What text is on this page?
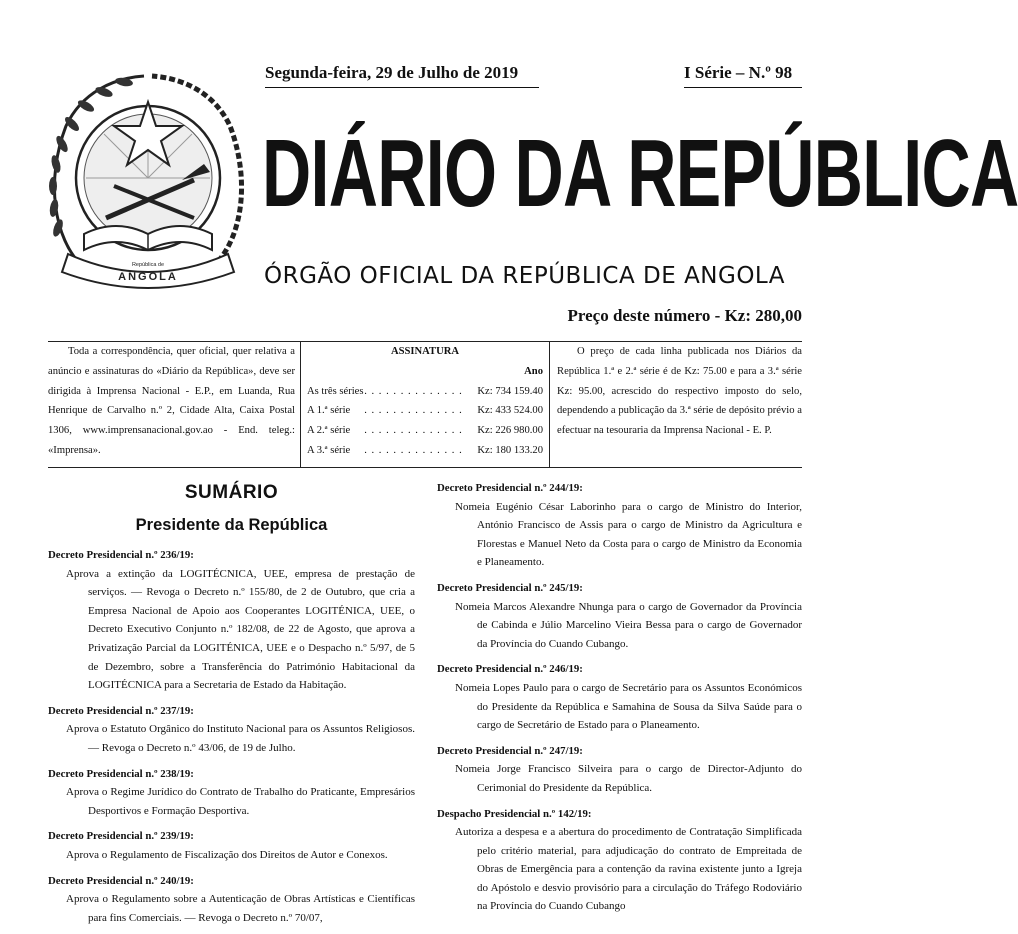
República de
ANGOLA
Segunda-feira, 29 de Julho de 2019	I Série – N.º 98
DIÁRIO DA REPÚBLICA
ÓRGÃO OFICIAL DA REPÚBLICA DE ANGOLA
Preço deste número - Kz: 280,00
Toda a correspondência, quer oficial, quer relativa a anúncio e assinaturas do «Diário da República», deve ser dirigida à Imprensa Nacional - E.P., em Luanda, Rua Henrique de Carvalho n.º 2, Cidade Alta, Caixa Postal 1306, www.imprensanacional.gov.ao - End. teleg.: «Imprensa».
ASSINATURA
Ano
As três séries . . . . . . . . . . . . . .	Kz: 734 159.40
A 1.ª série	. . . . . . . . . . . . . .	Kz: 433 524.00
A 2.ª série	. . . . . . . . . . . . . .	Kz: 226 980.00
A 3.ª série	. . . . . . . . . . . . . .	Kz: 180 133.20
O preço de cada linha publicada nos Diários da República 1.ª e 2.ª série é de Kz: 75.00 e para a 3.ª série Kz: 95.00, acrescido do respectivo imposto do selo, dependendo a publicação da 3.ª série de depósito prévio a efectuar na tesouraria da Imprensa Nacional - E. P.
SUMÁRIO
Presidente da República
Decreto Presidencial n.º 236/19:
Aprova a extinção da LOGITÉCNICA, UEE, empresa de prestação de serviços. — Revoga o Decreto n.º 155/80, de 2 de Outubro, que cria a Empresa Nacional de Apoio aos Cooperantes LOGITÉNICA, UEE, o Decreto Executivo Conjunto n.º 182/08, de 22 de Agosto, que aprova a Privatização Parcial da LOGITÉNICA, UEE e o Despacho n.º 5/97, de 5 de Dezembro, sobre a Transferência do Património Habitacional da LOGITÉCNICA para a Secretaria de Estado da Habitação.
Decreto Presidencial n.º 237/19:
Aprova o Estatuto Orgânico do Instituto Nacional para os Assuntos Religiosos. — Revoga o Decreto n.º 43/06, de 19 de Julho.
Decreto Presidencial n.º 238/19:
Aprova o Regime Jurídico do Contrato de Trabalho do Praticante, Empresários Desportivos e Formação Desportiva.
Decreto Presidencial n.º 239/19:
Aprova o Regulamento de Fiscalização dos Direitos de Autor e Conexos.
Decreto Presidencial n.º 240/19:
Aprova o Regulamento sobre a Autenticação de Obras Artísticas e Científicas para fins Comerciais. — Revoga o Decreto n.º 70/07,
Decreto Presidencial n.º 244/19:
Nomeia Eugénio César Laborinho para o cargo de Ministro do Interior, António Francisco de Assis para o cargo de Ministro da Agricultura e Florestas e Manuel Neto da Costa para o cargo de Ministro da Economia e Planeamento.
Decreto Presidencial n.º 245/19:
Nomeia Marcos Alexandre Nhunga para o cargo de Governador da Província de Cabinda e Júlio Marcelino Vieira Bessa para o cargo de Governador da Província do Cuando Cubango.
Decreto Presidencial n.º 246/19:
Nomeia Lopes Paulo para o cargo de Secretário para os Assuntos Económicos do Presidente da República e Samahina de Sousa da Silva Saúde para o cargo de Secretário de Estado para o Planeamento.
Decreto Presidencial n.º 247/19:
Nomeia Jorge Francisco Silveira para o cargo de Director-Adjunto do Cerimonial do Presidente da República.
Despacho Presidencial n.º 142/19:
Autoriza a despesa e a abertura do procedimento de Contratação Simplificada pelo critério material, para adjudicação do contrato de Empreitada de Obras de Emergência para a contenção da ravina existente junto a Igreja do Apóstolo e desvio provisório para a circulação do Tráfego Rodoviário na Província do Cuando Cubango
